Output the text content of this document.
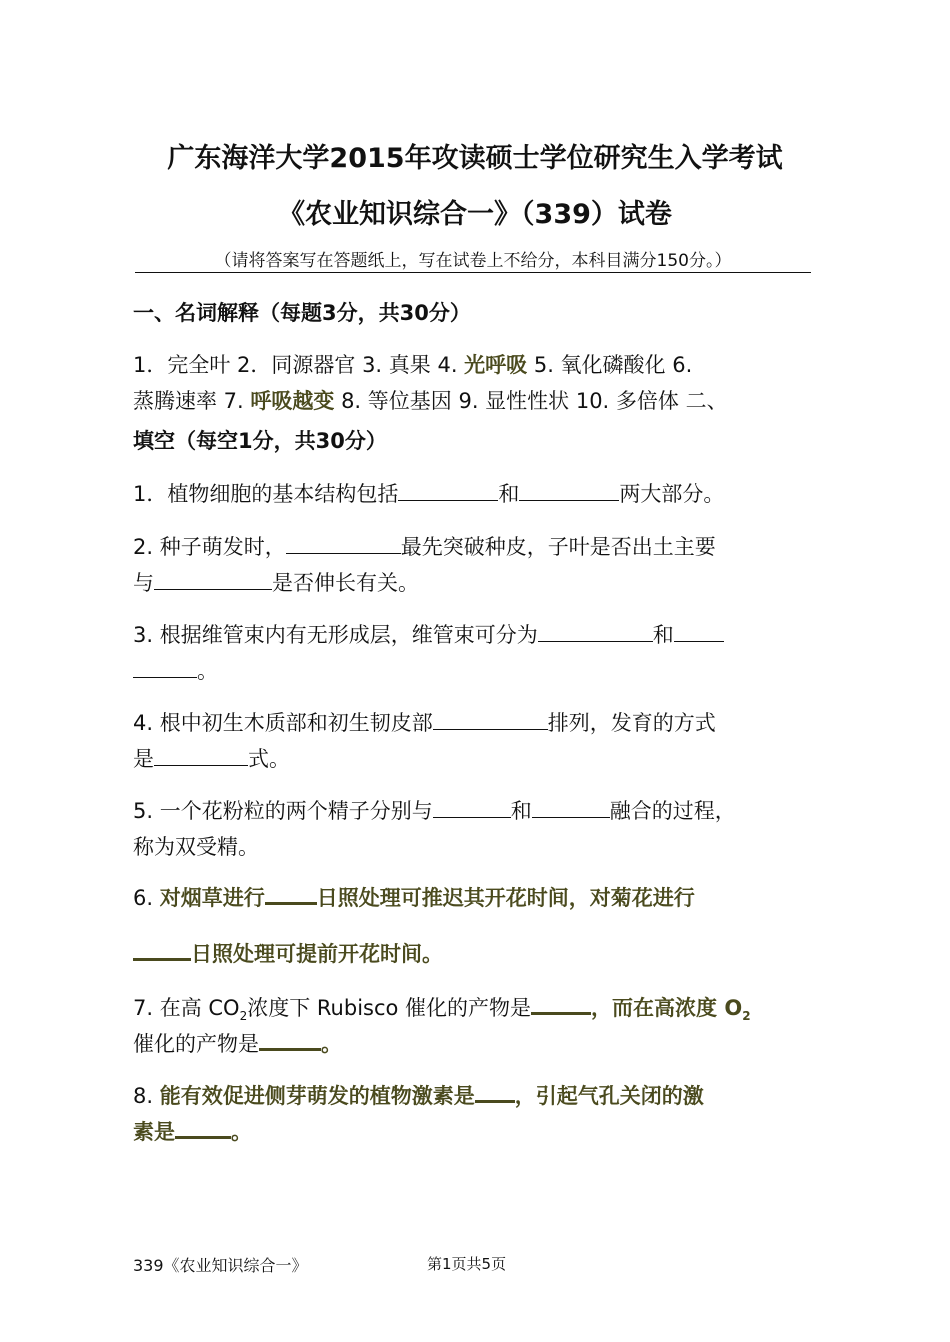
广东海洋大学2015年攻读硕士学位研究生入学考试
《农业知识综合一》（339）试卷
（请将答案写在答题纸上，写在试卷上不给分，本科目满分150分。）
一、名词解释（每题3分，共30分）
1．完全叶 2．同源器官 3. 真果 4. 光呼吸 5. 氧化磷酸化 6.
蒸腾速率 7. 呼吸越变 8. 等位基因 9. 显性性状 10. 多倍体 二、
填空（每空1分，共30分）
1．植物细胞的基本结构包括	和	两大部分。
2. 种子萌发时，	最先突破种皮，子叶是否出土主要
与	是否伸长有关。
3. 根据维管束内有无形成层，维管束可分为	和
。
4. 根中初生木质部和初生韧皮部	排列，发育的方式
是	式。
5. 一个花粉粒的两个精子分别与	和	融合的过程，
称为双受精。
6. 对烟草进行 日照处理可推迟其开花时间，对菊花进行
日照处理可提前开花时间。
7. 在高 $CO_2$浓度下 Rubisco 催化的产物是	，而在高浓度 $O_2$
催化的产物是	。
8. 能有效促进侧芽萌发的植物激素是 ，引起气孔关闭的激
素是	。
339《农业知识综合一》	第1页共5页
